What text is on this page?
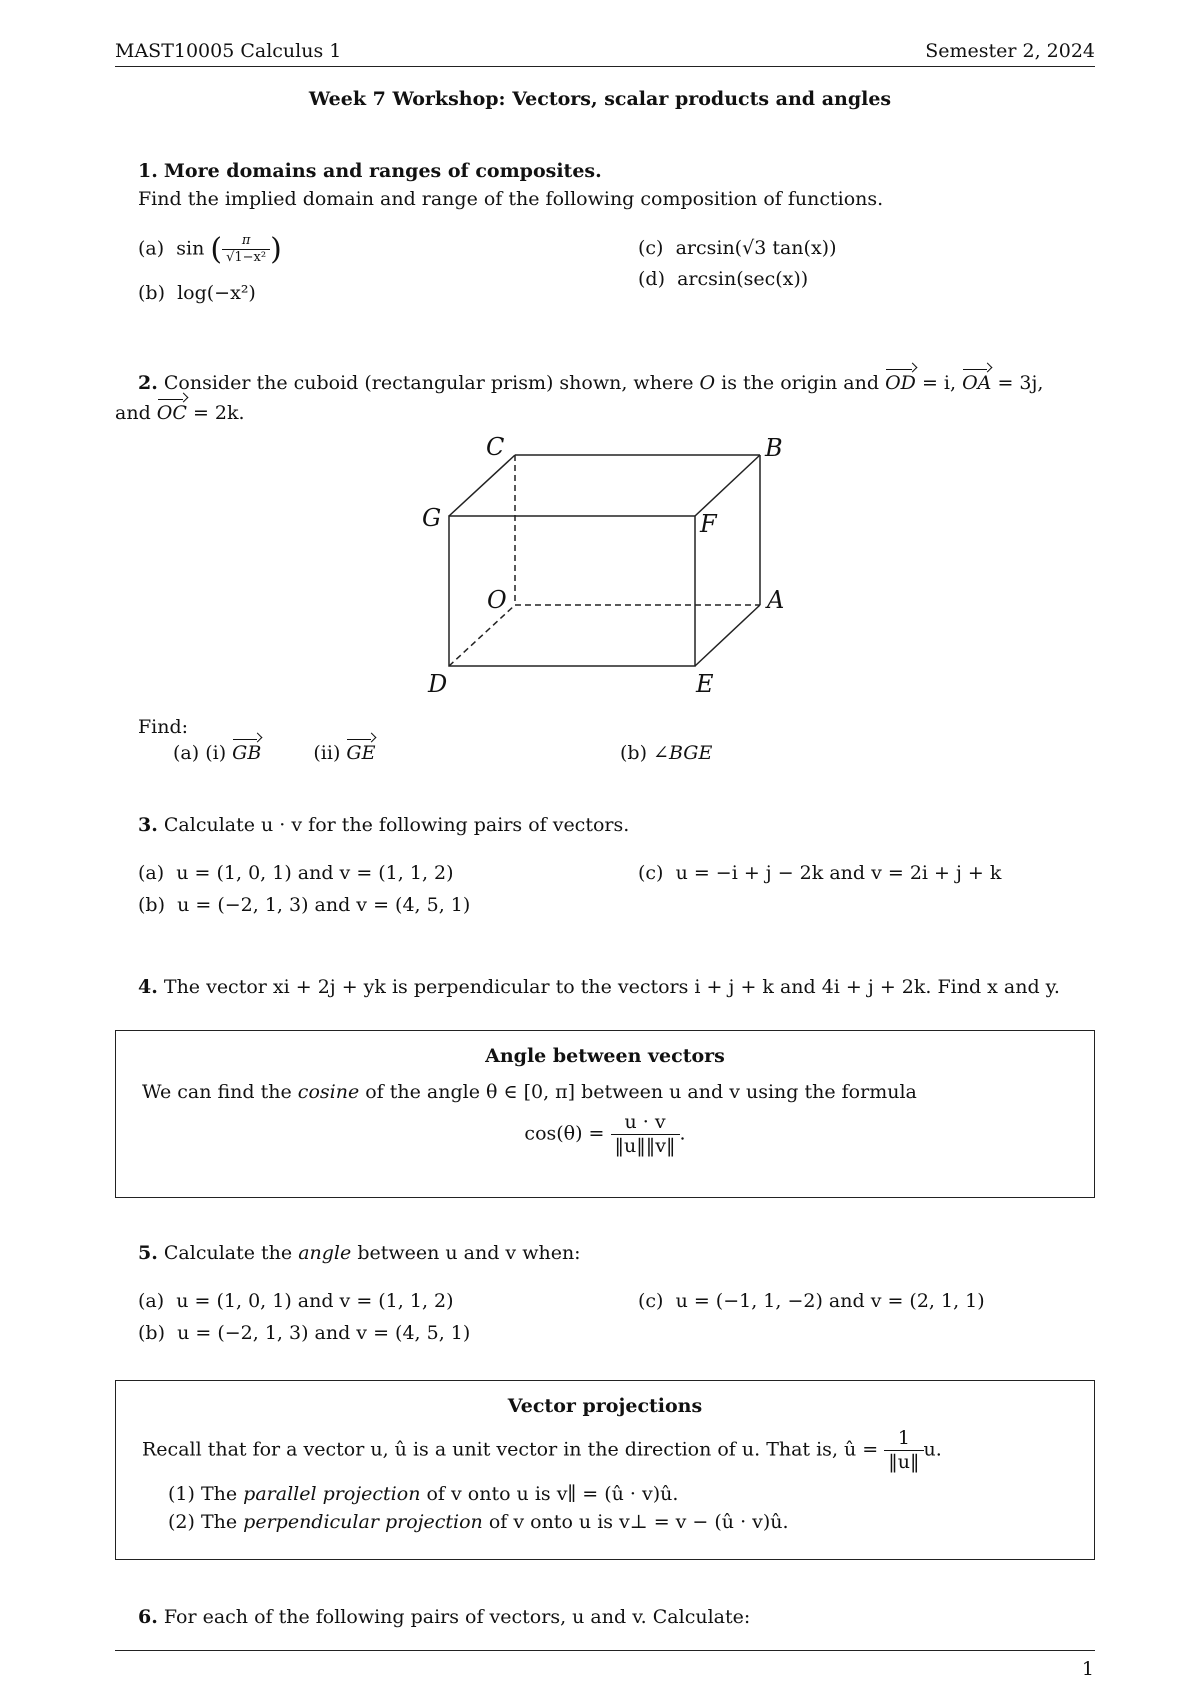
MAST10005 Calculus 1	Semester 2, 2024
Week 7 Workshop: Vectors, scalar products and angles
1. More domains and ranges of composites.
Find the implied domain and range of the following composition of functions.
(a) sin ( $\frac{\pi}{\text{√1−x²}}$ )
(b) log(−x²)
(c) arcsin(√3 tan(x))
(d) arcsin(sec(x))
2. Consider the cuboid (rectangular prism) shown, where O is the origin and OD = i, OA = 3j,
and OC = 2k.
C	B
G	F
O	A
D	E
Find:
(a) (i) GB	(ii) GE	(b) ∠BGE
3. Calculate u · v for the following pairs of vectors.
(a) u = (1, 0, 1) and v = (1, 1, 2)
(b) u = (−2, 1, 3) and v = (4, 5, 1)
(c) u = −i + j − 2k and v = 2i + j + k
4. The vector xi + 2j + yk is perpendicular to the vectors i + j + k and 4i + j + 2k. Find x and y.
Angle between vectors
We can find the cosine of the angle θ ∈ [0, π] between u and v using the formula
$\cos(\theta) = \frac{u \cdot v}{‖u‖‖v‖}$ .
5. Calculate the angle between u and v when:
(a) u = (1, 0, 1) and v = (1, 1, 2)
(b) u = (−2, 1, 3) and v = (4, 5, 1)
(c) u = (−1, 1, −2) and v = (2, 1, 1)
Vector projections
Recall that for a vector u, û is a unit vector in the direction of u. That is, û = $\frac{1}{‖u‖} u$.
(1) The parallel projection of v onto u is v∥ = (û · v)û.
(2) The perpendicular projection of v onto u is v⊥ = v − (û · v)û.
6. For each of the following pairs of vectors, u and v. Calculate:
1
